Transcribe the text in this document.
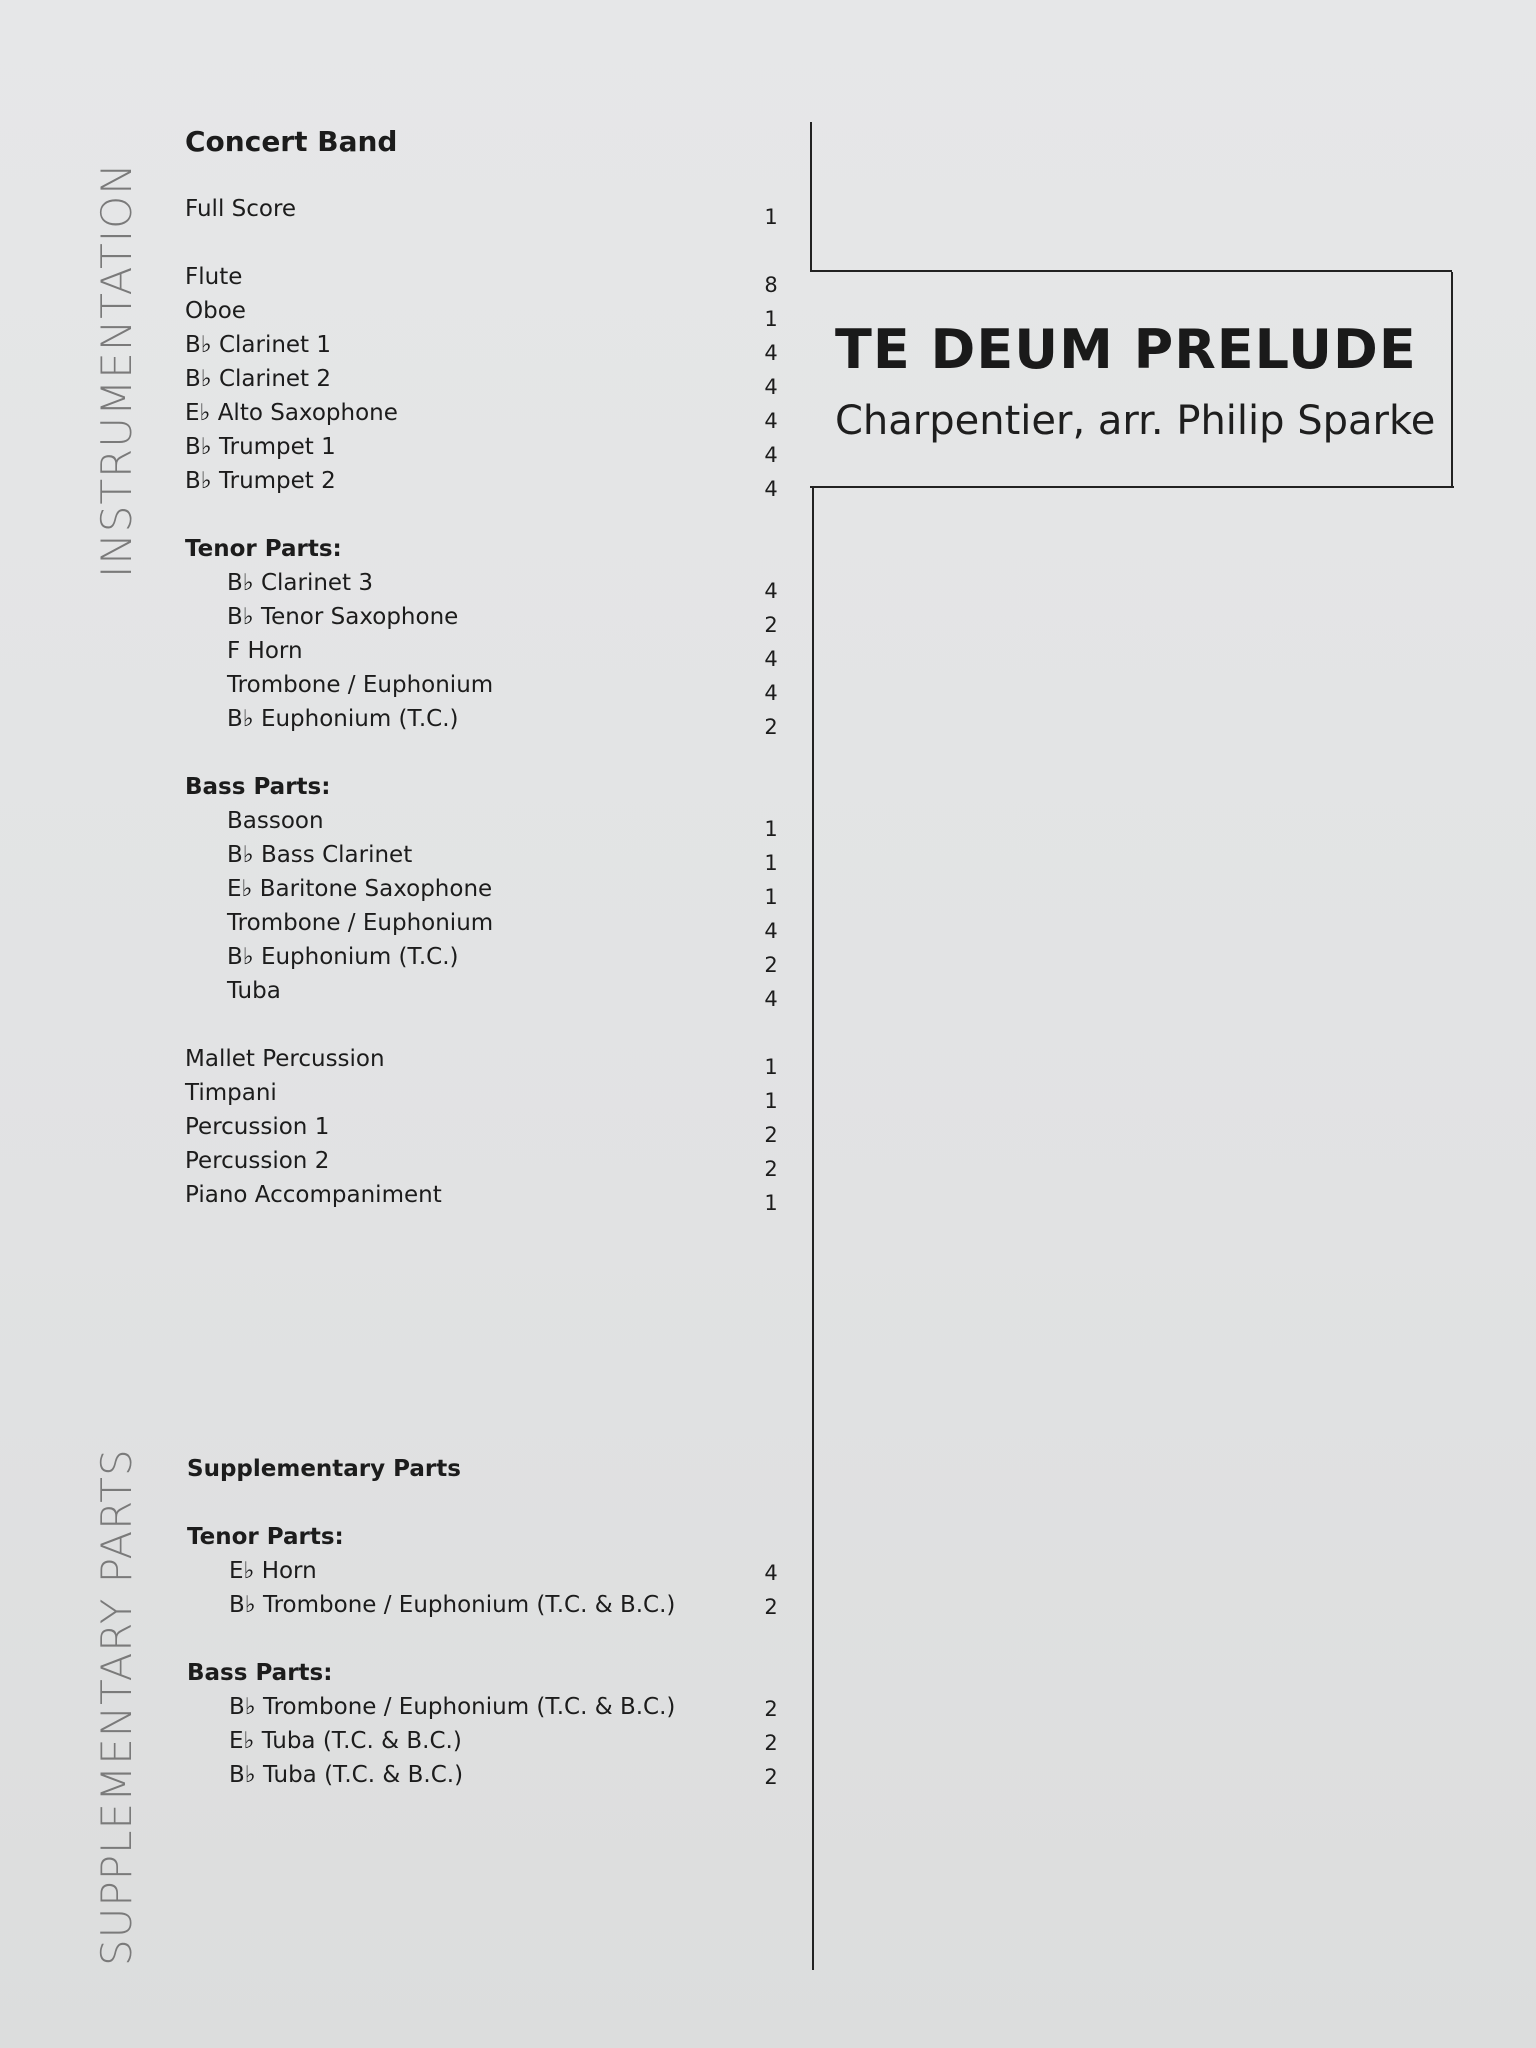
INSTRUMENTATION
SUPPLEMENTARY PARTS
Concert Band
Full Score	1
Flute	8
Oboe	1
B♭ Clarinet 1	4
B♭ Clarinet 2	4
E♭ Alto Saxophone	4
B♭ Trumpet 1	4
B♭ Trumpet 2	4
Tenor Parts:
B♭ Clarinet 3	4
B♭ Tenor Saxophone	2
F Horn	4
Trombone / Euphonium	4
B♭ Euphonium (T.C.)	2
Bass Parts:
Bassoon	1
B♭ Bass Clarinet	1
E♭ Baritone Saxophone	1
Trombone / Euphonium	4
B♭ Euphonium (T.C.)	2
Tuba	4
Mallet Percussion	1
Timpani	1
Percussion 1	2
Percussion 2	2
Piano Accompaniment	1
Supplementary Parts
Tenor Parts:
E♭ Horn	4
B♭ Trombone / Euphonium (T.C. & B.C.)	2
Bass Parts:
B♭ Trombone / Euphonium (T.C. & B.C.)	2
E♭ Tuba (T.C. & B.C.)	2
B♭ Tuba (T.C. & B.C.)	2
TE DEUM PRELUDE
Charpentier, arr. Philip Sparke
